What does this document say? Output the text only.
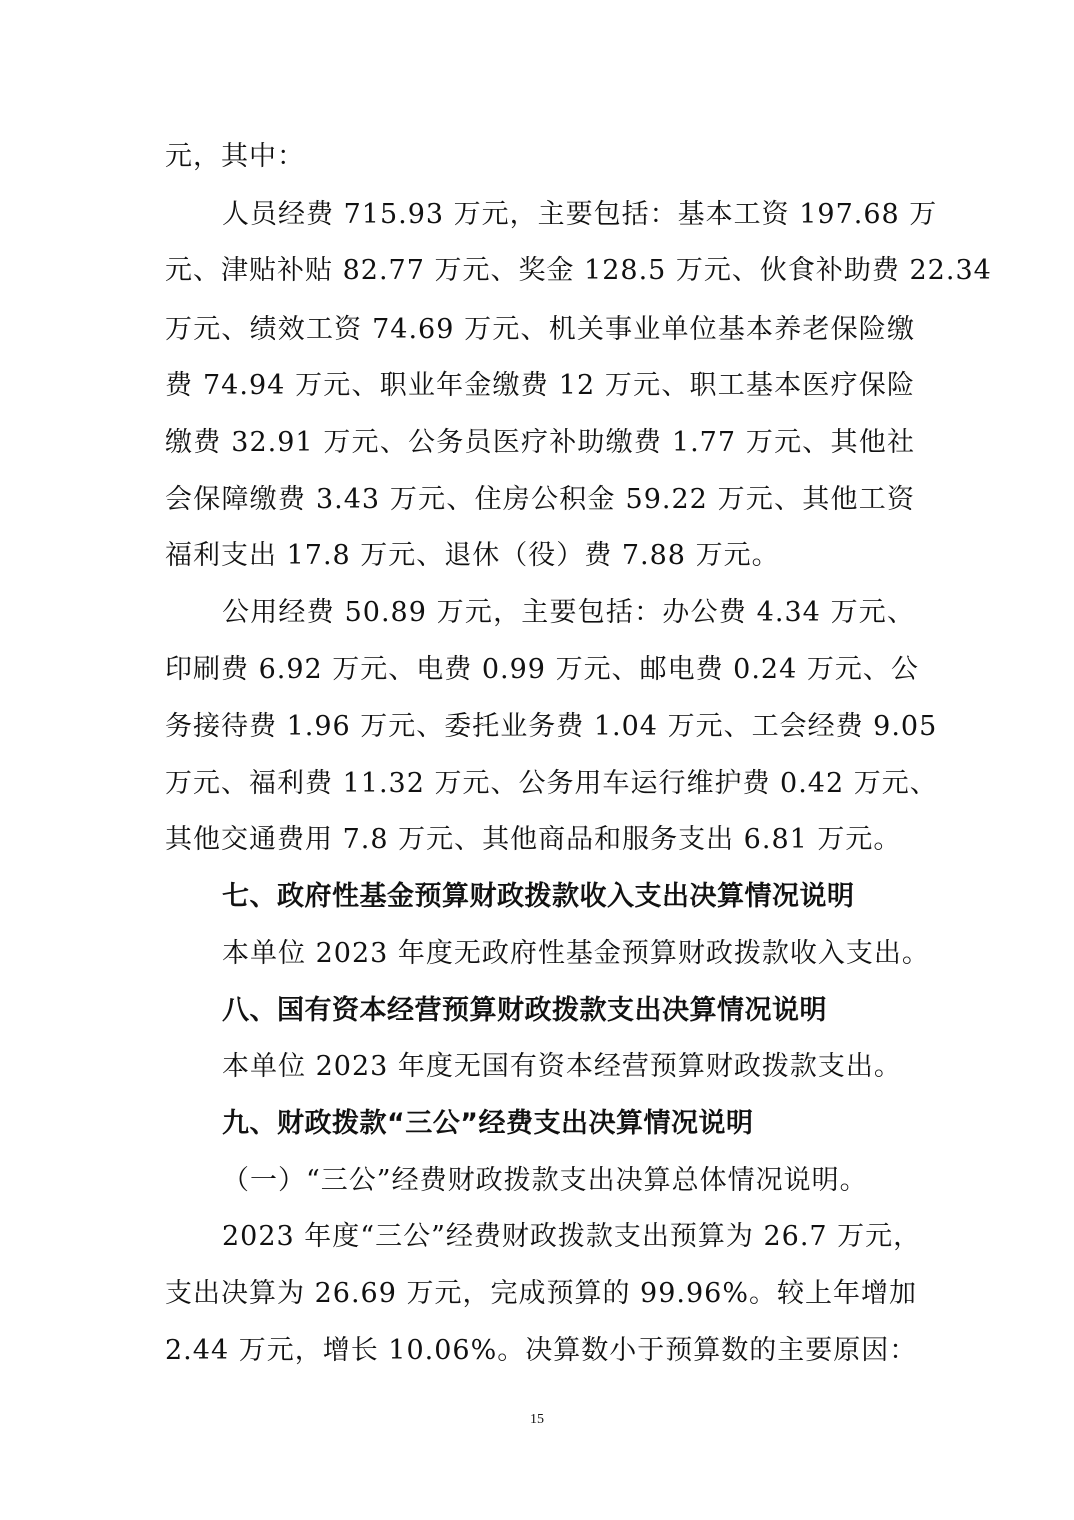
元，其中：
人员经费 715.93 万元，主要包括：基本工资 197.68 万
元、津贴补贴 82.77 万元、奖金 128.5 万元、伙食补助费 22.34
万元、绩效工资 74.69 万元、机关事业单位基本养老保险缴
费 74.94 万元、职业年金缴费 12 万元、职工基本医疗保险
缴费 32.91 万元、公务员医疗补助缴费 1.77 万元、其他社
会保障缴费 3.43 万元、住房公积金 59.22 万元、其他工资
福利支出 17.8 万元、退休（役）费 7.88 万元。
公用经费 50.89 万元，主要包括：办公费 4.34 万元、
印刷费 6.92 万元、电费 0.99 万元、邮电费 0.24 万元、公
务接待费 1.96 万元、委托业务费 1.04 万元、工会经费 9.05
万元、福利费 11.32 万元、公务用车运行维护费 0.42 万元、
其他交通费用 7.8 万元、其他商品和服务支出 6.81 万元。
七、政府性基金预算财政拨款收入支出决算情况说明
本单位 2023 年度无政府性基金预算财政拨款收入支出。
八、国有资本经营预算财政拨款支出决算情况说明
本单位 2023 年度无国有资本经营预算财政拨款支出。
九、财政拨款“三公”经费支出决算情况说明
（一）“三公”经费财政拨款支出决算总体情况说明。
2023 年度“三公”经费财政拨款支出预算为 26.7 万元，
支出决算为 26.69 万元，完成预算的 99.96%。较上年增加
2.44 万元，增长 10.06%。决算数小于预算数的主要原因：
15
